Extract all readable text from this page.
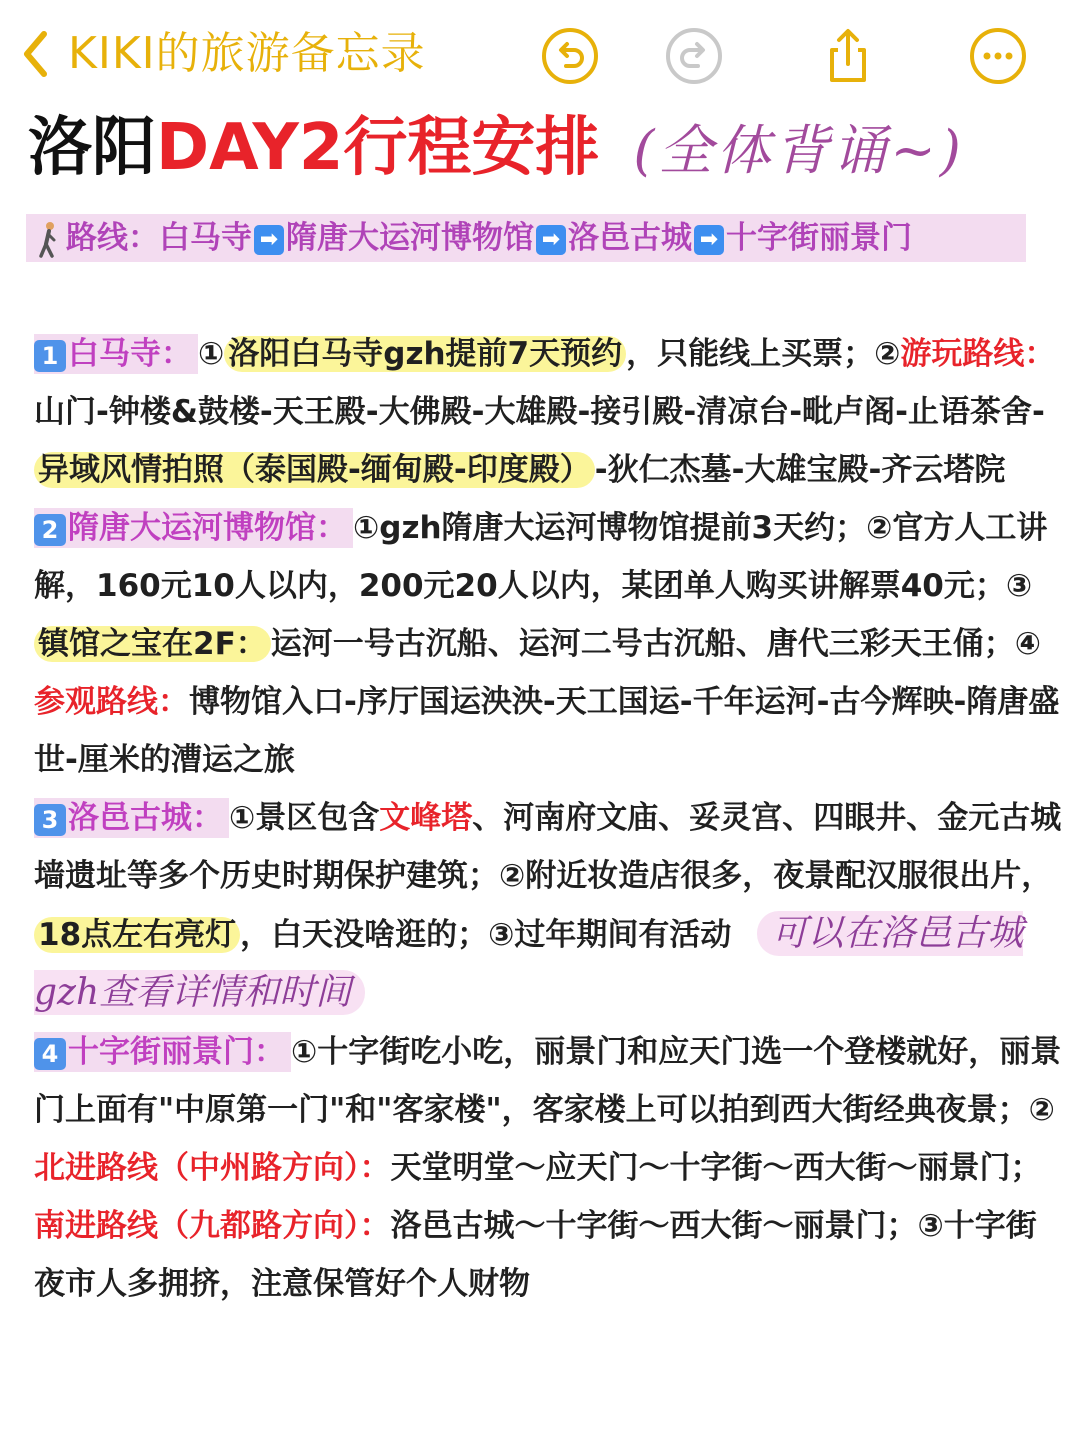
KIKI的旅游备忘录
洛阳DAY2行程安排 (全体背诵~)
路线：白马寺 ➡ 隋唐大运河博物馆 ➡ 洛邑古城 ➡ 十字街丽景门

1 白马寺： ① 洛阳白马寺gzh提前7天预约 ，只能线上买票；②游玩路线：山门-钟楼&鼓楼-天王殿-大佛殿-大雄殿-接引殿-清凉台-毗卢阁-止语茶舍-异域风情拍照（泰国殿-缅甸殿-印度殿） -狄仁杰墓-大雄宝殿-齐云塔院

2 隋唐大运河博物馆： ①gzh隋唐大运河博物馆提前3天约；②官方人工讲解，160元10人以内，200元20人以内，某团单人购买讲解票40元；③镇馆之宝在2F： 运河一号古沉船、运河二号古沉船、唐代三彩天王俑；④参观路线：博物馆入口-序厅国运泱泱-天工国运-千年运河-古今辉映-隋唐盛世-厘米的漕运之旅

3 洛邑古城： ①景区包含文峰塔、河南府文庙、妥灵宫、四眼井、金元古城墙遗址等多个历史时期保护建筑；②附近妆造店很多，夜景配汉服很出片，18点左右亮灯 ，白天没啥逛的；③过年期间有活动 可以在洛邑古城gzh查看详情和时间

4 十字街丽景门： ①十字街吃小吃，丽景门和应天门选一个登楼就好，丽景门上面有"中原第一门"和"客家楼"，客家楼上可以拍到西大街经典夜景；②北进路线（中州路方向）：天堂明堂～应天门～十字街～西大街～丽景门；南进路线（九都路方向）：洛邑古城～十字街～西大街～丽景门；③十字街夜市人多拥挤，注意保管好个人财物
